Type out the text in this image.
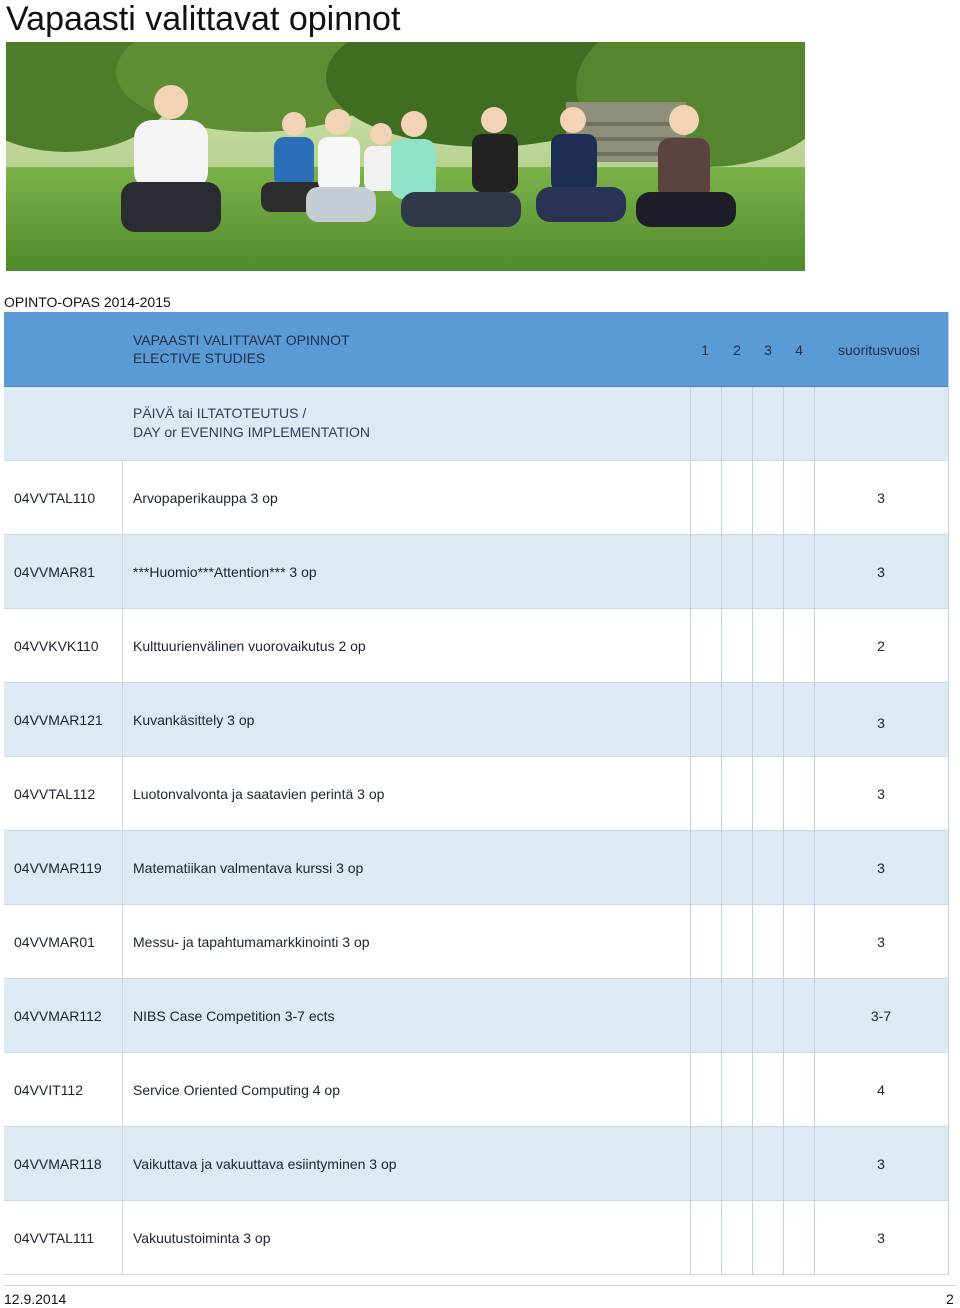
Vapaasti valittavat opinnot
OPINTO-OPAS 2014-2015
VAPAASTI VALITTAVAT OPINNOT
ELECTIVE STUDIES	1	2	3	4	suoritusvuosi
PÄIVÄ tai ILTATOTEUTUS /
DAY or EVENING IMPLEMENTATION
04VVTAL110	Arvopaperikauppa 3 op	3
04VVMAR81	***Huomio***Attention*** 3 op	3
04VVKVK110 Kulttuurienvälinen vuorovaikutus 2 op	2
04VVMAR121 Kuvankäsittely 3 op	3
04VVTAL112	Luotonvalvonta ja saatavien perintä 3 op	3
04VVMAR119 Matematiikan valmentava kurssi 3 op	3
04VVMAR01	Messu- ja tapahtumamarkkinointi 3 op	3
04VVMAR112 NIBS Case Competition 3-7 ects	3-7
04VVIT112	Service Oriented Computing 4 op	4
04VVMAR118 Vaikuttava ja vakuuttava esiintyminen 3 op	3
04VVTAL111	Vakuutustoiminta 3 op	3
12.9.2014	2
